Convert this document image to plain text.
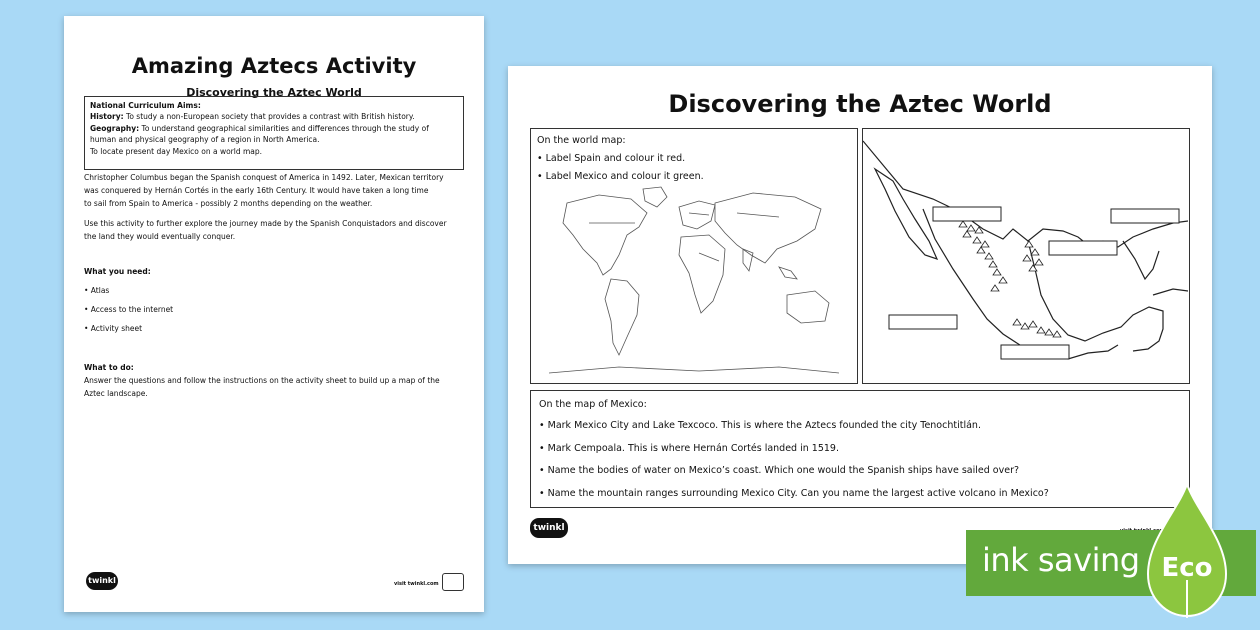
Amazing Aztecs Activity
Discovering the Aztec World
National Curriculum Aims:
History: To study a non-European society that provides a contrast with British history.
Geography: To understand geographical similarities and differences through the study of
human and physical geography of a region in North America.
To locate present day Mexico on a world map.
Christopher Columbus began the Spanish conquest of America in 1492. Later, Mexican territory
was conquered by Hernán Cortés in the early 16th Century. It would have taken a long time
to sail from Spain to America - possibly 2 months depending on the weather.
Use this activity to further explore the journey made by the Spanish Conquistadors and discover
the land they would eventually conquer.
What you need:
• Atlas
• Access to the internet
• Activity sheet
What to do:
Answer the questions and follow the instructions on the activity sheet to build up a map of the
Aztec landscape.
twinkl	visit twinkl.com
Discovering the Aztec World
On the world map:
• Label Spain and colour it red.
• Label Mexico and colour it green.
On the map of Mexico:
• Mark Mexico City and Lake Texcoco. This is where the Aztecs founded the city Tenochtitlán.
• Mark Cempoala. This is where Hernán Cortés landed in 1519.
• Name the bodies of water on Mexico’s coast. Which one would the Spanish ships have sailed over?
• Name the mountain ranges surrounding Mexico City. Can you name the largest active volcano in Mexico?
twinkl
ink saving Eco
